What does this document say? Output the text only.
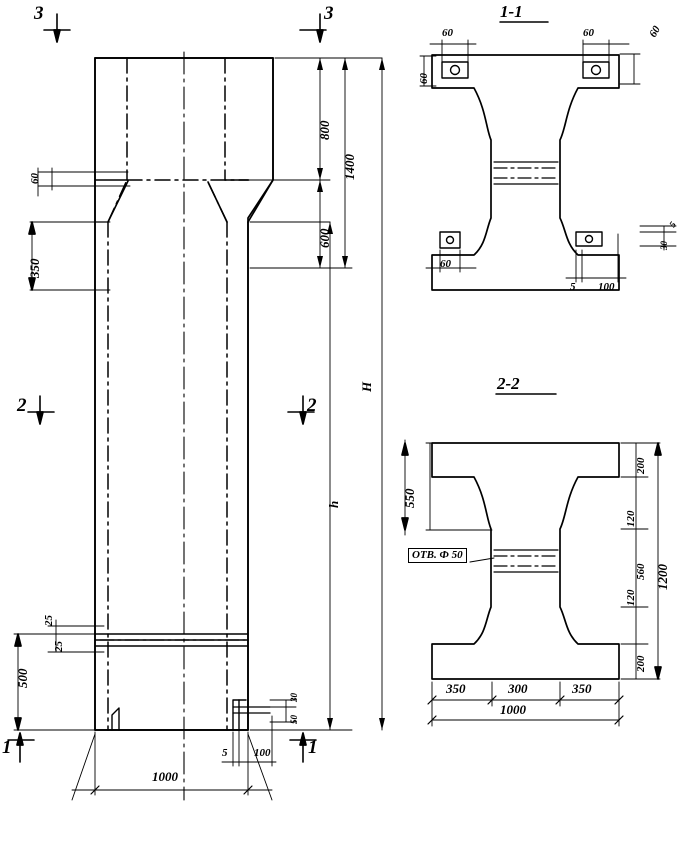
1-1
2-2
3	3
2	2
1	1
800
1400
600
H
h
60
350
500
25
25
1000
5 100
30
50
60
60
60	60
60
5
30
5 100
550
200
120
560
120
200
1200
350	300	350
1000
ОТВ. Ф 50
